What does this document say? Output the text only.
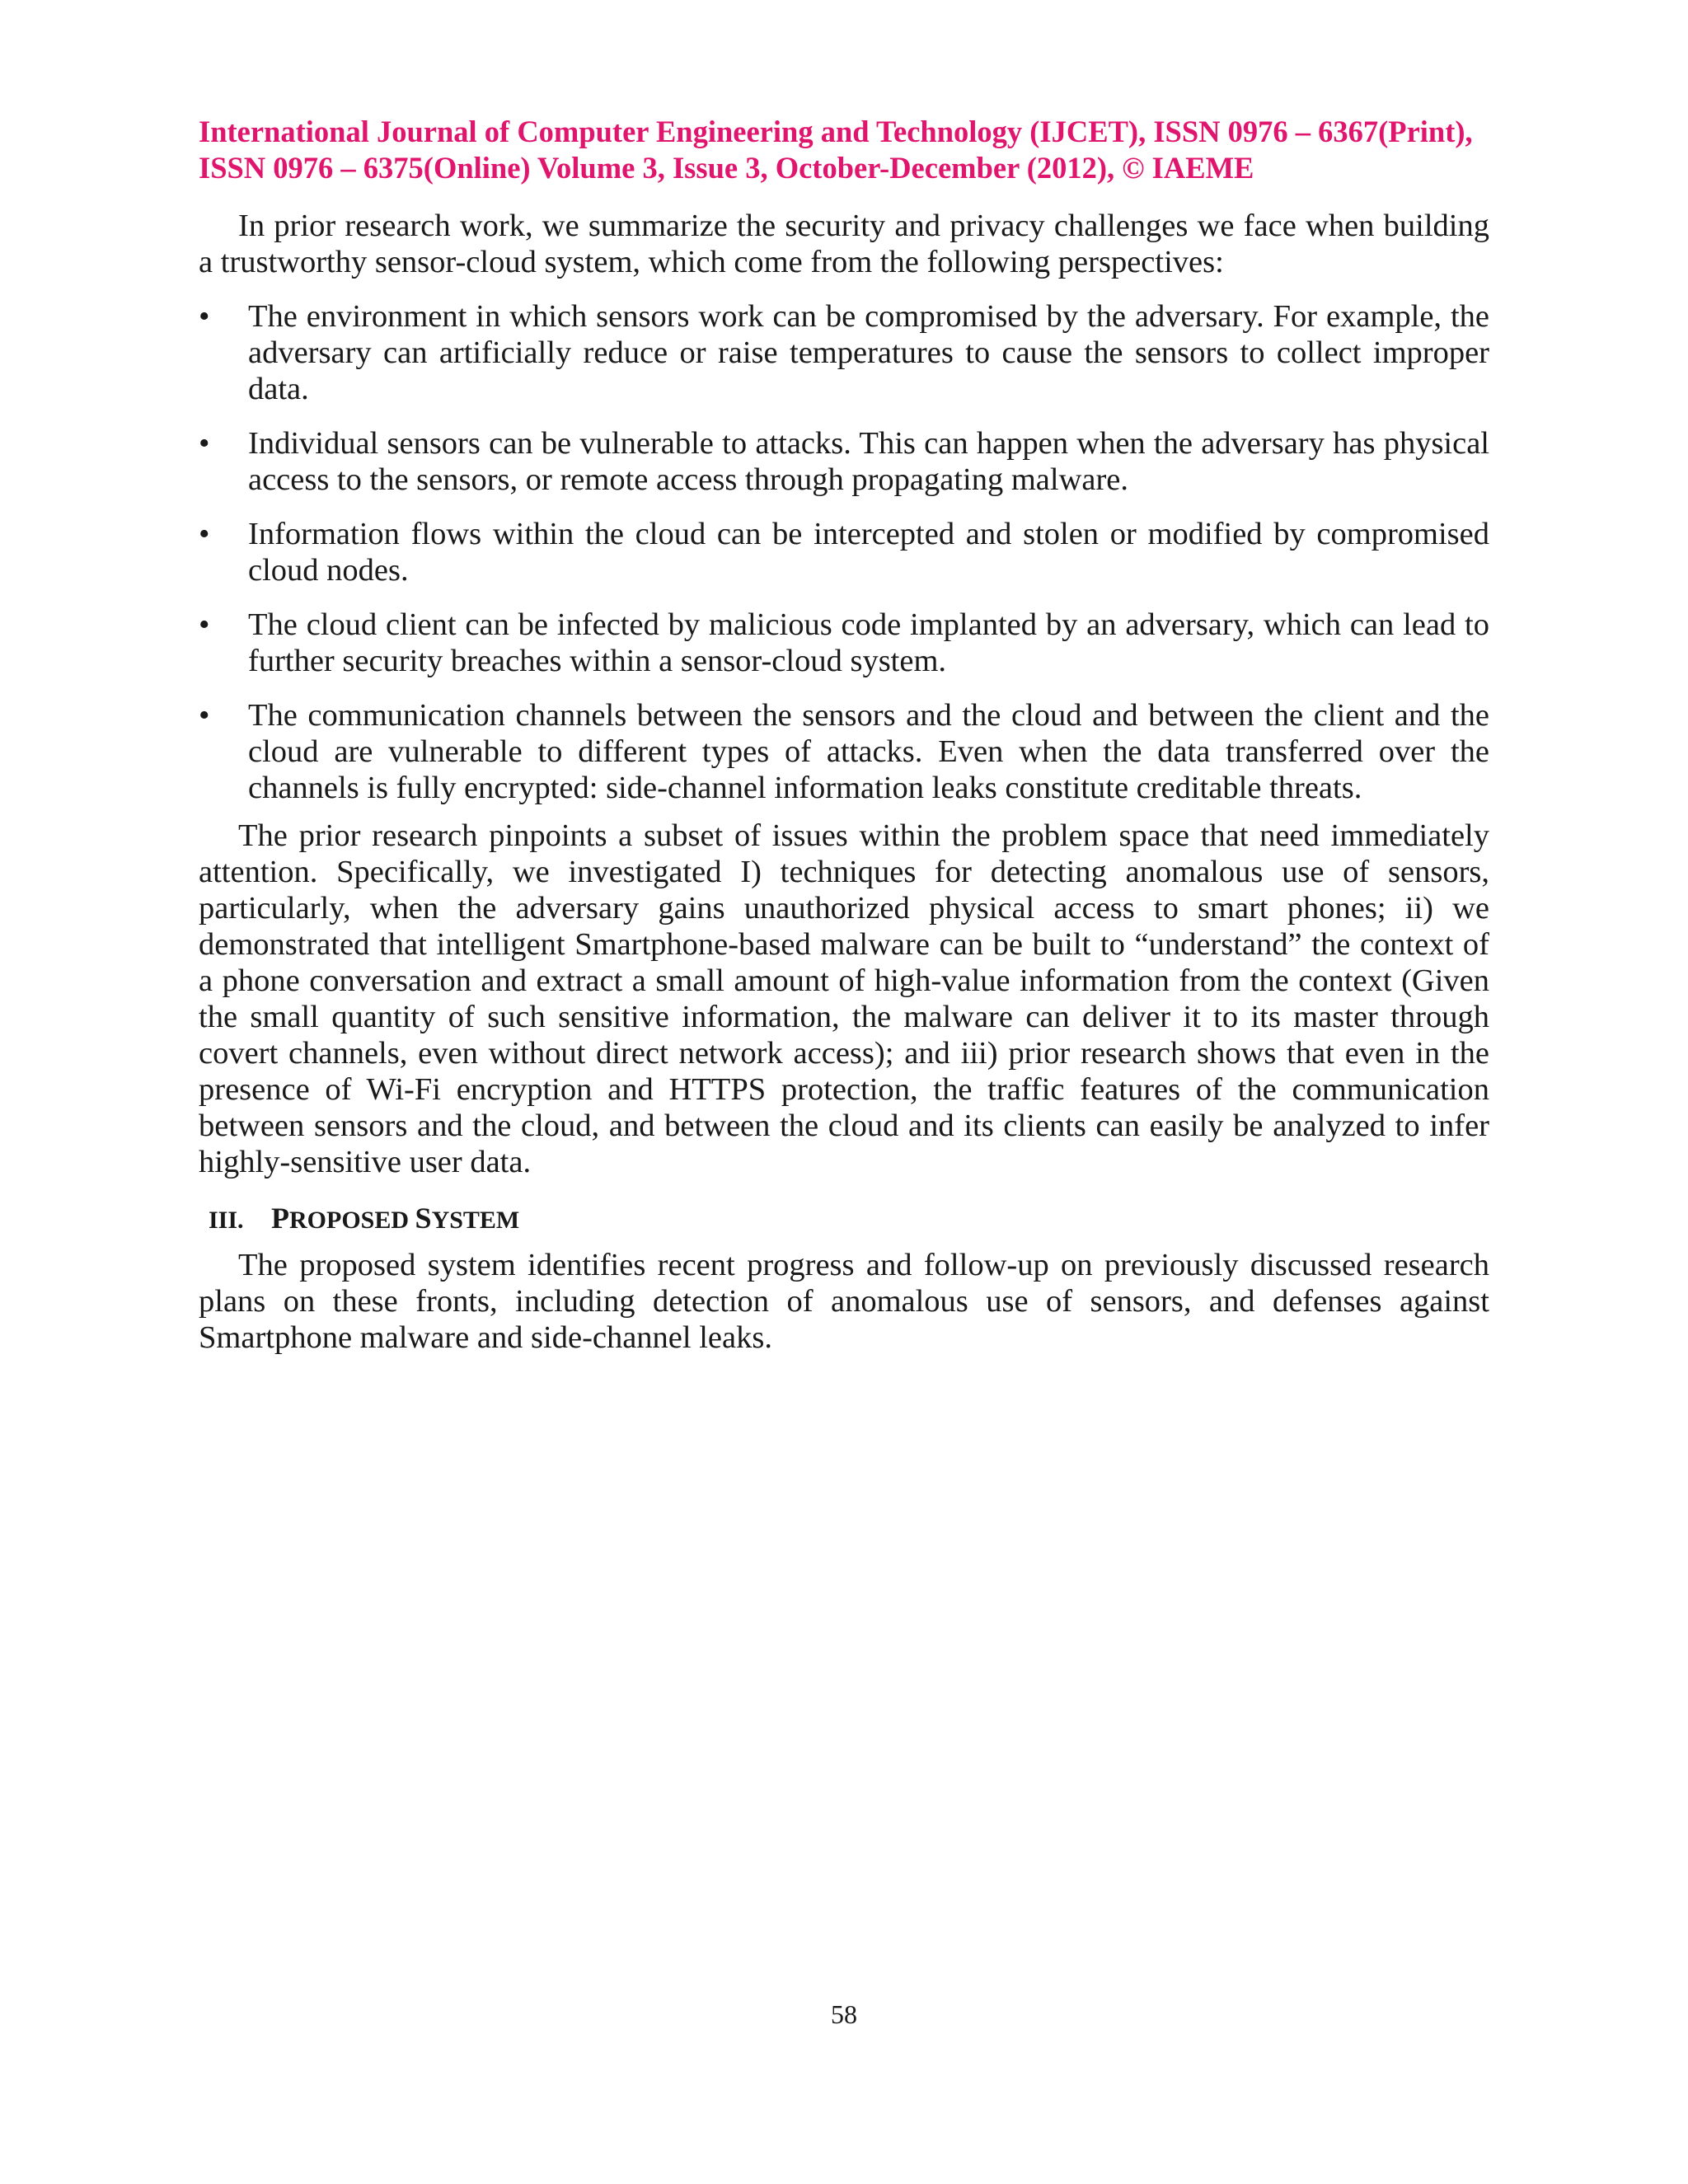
International Journal of Computer Engineering and Technology (IJCET), ISSN 0976 – 6367(Print),
ISSN 0976 – 6375(Online) Volume 3, Issue 3, October-December (2012), © IAEME

In prior research work, we summarize the security and privacy challenges we face when building a trustworthy sensor-cloud system, which come from the following perspectives:

•	The environment in which sensors work can be compromised by the adversary. For example, the adversary can artificially reduce or raise temperatures to cause the sensors to collect improper data.
•	Individual sensors can be vulnerable to attacks. This can happen when the adversary has physical access to the sensors, or remote access through propagating malware.
•	Information flows within the cloud can be intercepted and stolen or modified by compromised cloud nodes.
•	The cloud client can be infected by malicious code implanted by an adversary, which can lead to further security breaches within a sensor-cloud system.
•	The communication channels between the sensors and the cloud and between the client and the cloud are vulnerable to different types of attacks. Even when the data transferred over the channels is fully encrypted: side-channel information leaks constitute creditable threats.

The prior research pinpoints a subset of issues within the problem space that need immediately attention. Specifically, we investigated I) techniques for detecting anomalous use of sensors, particularly, when the adversary gains unauthorized physical access to smart phones; ii) we demonstrated that intelligent Smartphone-based malware can be built to “understand” the context of a phone conversation and extract a small amount of high-value information from the context (Given the small quantity of such sensitive information, the malware can deliver it to its master through covert channels, even without direct network access); and iii) prior research shows that even in the presence of Wi-Fi encryption and HTTPS protection, the traffic features of the communication between sensors and the cloud, and between the cloud and its clients can easily be analyzed to infer highly-sensitive user data.

III. PROPOSED SYSTEM

The proposed system identifies recent progress and follow-up on previously discussed research plans on these fronts, including detection of anomalous use of sensors, and defenses against Smartphone malware and side-channel leaks.

58
